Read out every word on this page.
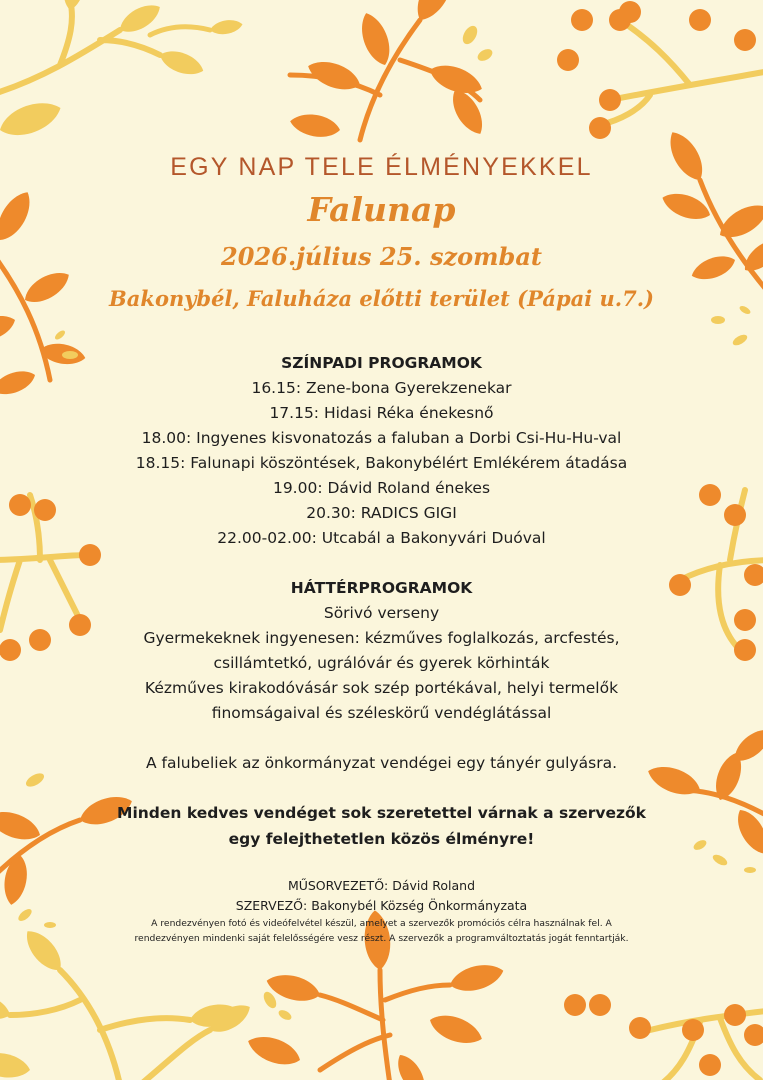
EGY NAP TELE ÉLMÉNYEKKEL
Falunap
2026.július 25. szombat
Bakonybél, Faluháza előtti terület (Pápai u.7.)
SZÍNPADI PROGRAMOK
16.15: Zene-bona Gyerekzenekar
17.15: Hidasi Réka énekesnő
18.00: Ingyenes kisvonatozás a faluban a Dorbi Csi-Hu-Hu-val
18.15: Falunapi köszöntések, Bakonybélért Emlékérem átadása
19.00: Dávid Roland énekes
20.30: RADICS GIGI
22.00-02.00: Utcabál a Bakonyvári Duóval
HÁTTÉRPROGRAMOK
Sörivó verseny
Gyermekeknek ingyenesen: kézműves foglalkozás, arcfestés,
csillámtetkó, ugrálóvár és gyerek körhinták
Kézműves kirakodóvásár sok szép portékával, helyi termelők
finomságaival és széleskörű vendéglátással
A falubeliek az önkormányzat vendégei egy tányér gulyásra.
Minden kedves vendéget sok szeretettel várnak a szervezők
egy felejthetetlen közös élményre!
MŰSORVEZETŐ: Dávid Roland
SZERVEZŐ: Bakonybél Község Önkormányzata
A rendezvényen fotó és videófelvétel készül, amelyet a szervezők promóciós célra használnak fel. A
rendezvényen mindenki saját felelősségére vesz részt. A szervezők a programváltoztatás jogát fenntartják.
